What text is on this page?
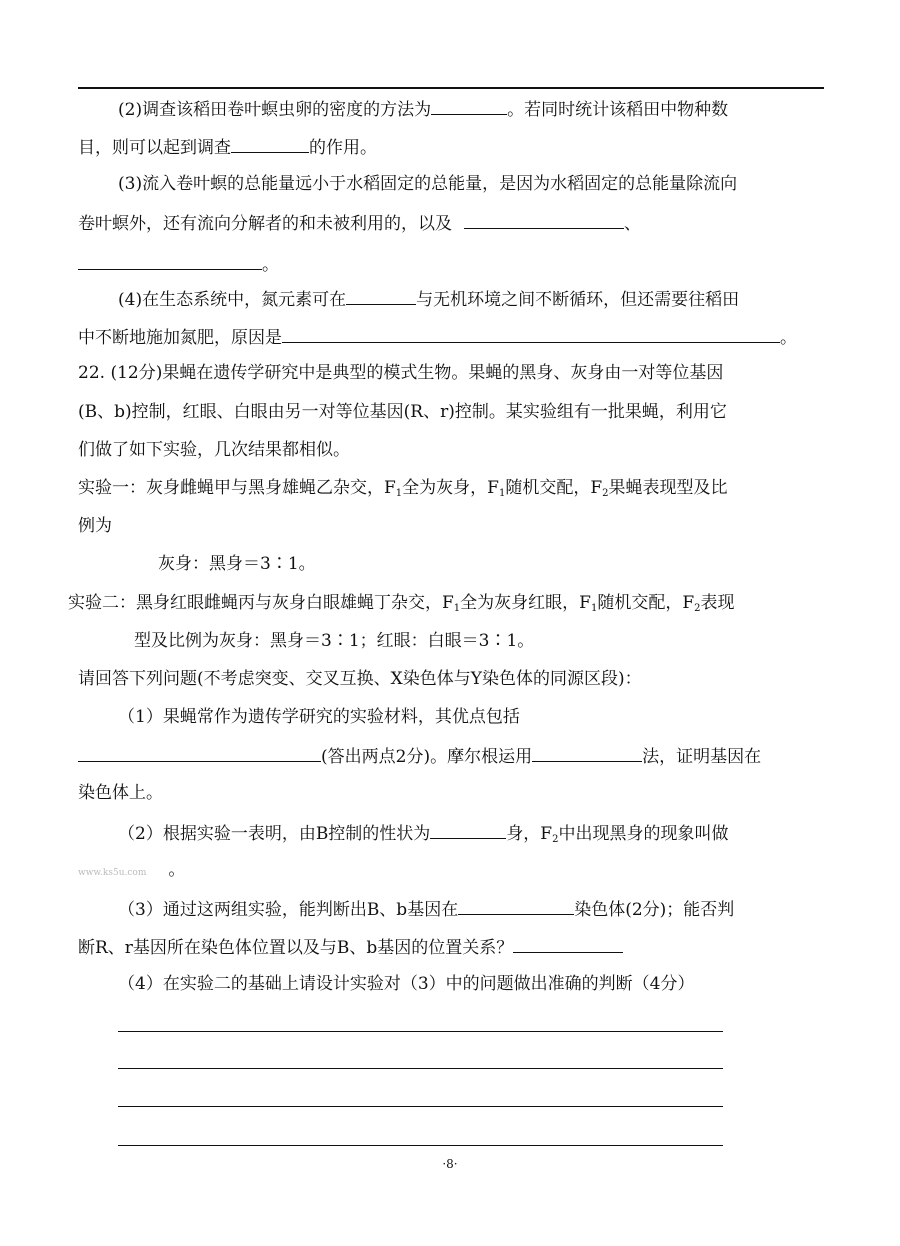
(2)调查该稻田卷叶螟虫卵的密度的方法为	。若同时统计该稻田中物种数
目，则可以起到调查	的作用。
(3)流入卷叶螟的总能量远小于水稻固定的总能量，是因为水稻固定的总能量除流向
卷叶螟外，还有流向分解者的和未被利用的，以及	、
。
(4)在生态系统中，氮元素可在	与无机环境之间不断循环，但还需要往稻田
中不断地施加氮肥，原因是	。
22. (12分)果蝇在遗传学研究中是典型的模式生物。果蝇的黑身、灰身由一对等位基因
(B、b)控制，红眼、白眼由另一对等位基因(R、r)控制。某实验组有一批果蝇，利用它
们做了如下实验，几次结果都相似。
实验一：灰身雌蝇甲与黑身雄蝇乙杂交，$F_1$全为灰身，$F_1$随机交配，$F_2$果蝇表现型及比
例为
灰身：黑身＝3∶1。
实验二：黑身红眼雌蝇丙与灰身白眼雄蝇丁杂交，$F_1$全为灰身红眼，$F_1$随机交配，$F_2$表现
型及比例为灰身：黑身＝3∶1；红眼：白眼＝3∶1。
请回答下列问题(不考虑突变、交叉互换、X染色体与Y染色体的同源区段)：
（1）果蝇常作为遗传学研究的实验材料，其优点包括
(答出两点2分)。摩尔根运用	法，证明基因在
染色体上。
（2）根据实验一表明，由B控制的性状为	身，$F_2$中出现黑身的现象叫做
www.ks5u.com 。
（3）通过这两组实验，能判断出B、b基因在	染色体(2分)；能否判
断R、r基因所在染色体位置以及与B、b基因的位置关系？
（4）在实验二的基础上请设计实验对（3）中的问题做出准确的判断（4分）
·8·
